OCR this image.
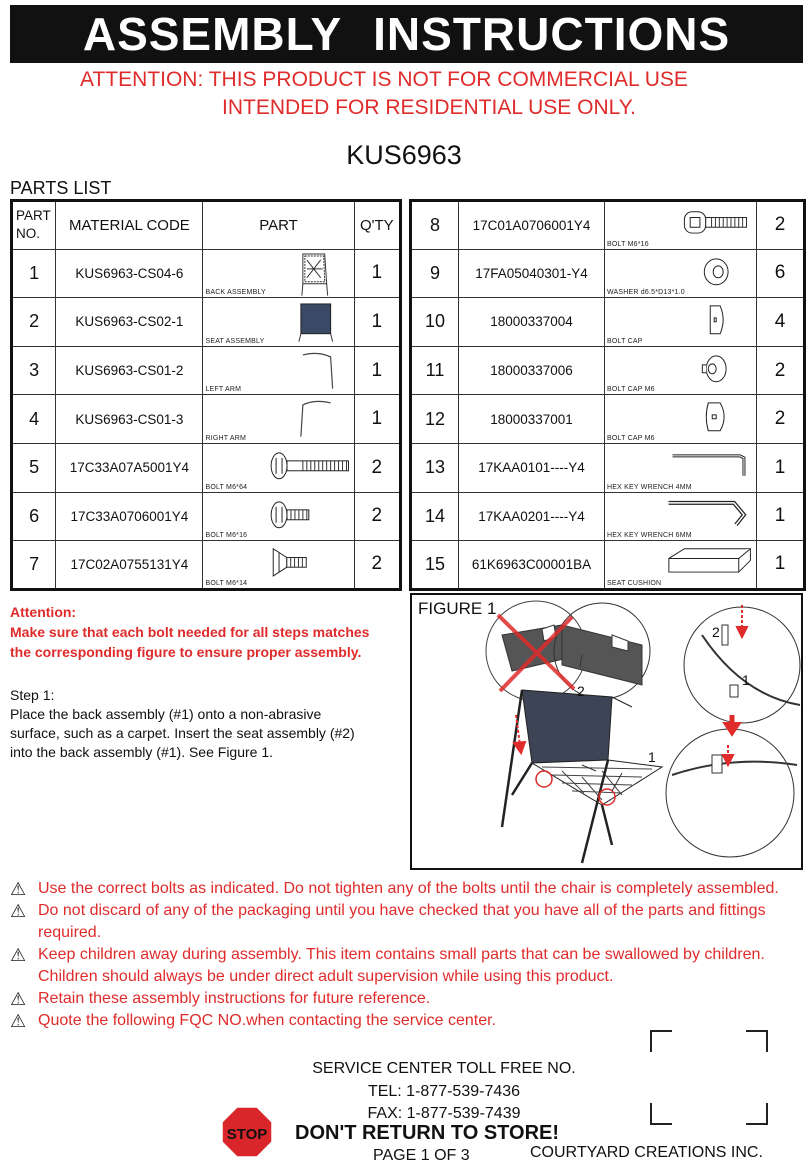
ASSEMBLY INSTRUCTIONS
ATTENTION: THIS PRODUCT IS NOT FOR COMMERCIAL USE
INTENDED FOR RESIDENTIAL USE ONLY.
KUS6963
PARTS LIST
PART NO.	MATERIAL CODE	PART	Q'TY
1	KUS6963-CS04-6	BACK ASSEMBLY	1
2	KUS6963-CS02-1	SEAT ASSEMBLY	1
3	KUS6963-CS01-2	LEFT ARM	1
4	KUS6963-CS01-3	RIGHT ARM	1
5	17C33A07A5001Y4	BOLT M6*64	2
6	17C33A0706001Y4	BOLT M6*16	2
7	17C02A0755131Y4	BOLT M6*14	2
8	17C01A0706001Y4	BOLT M6*16	2
9	17FA05040301-Y4	WASHER d6.5*D13*1.0	6
10	18000337004	BOLT CAP	4
11	18000337006	BOLT CAP M6	2
12	18000337001	BOLT CAP M6	2
13	17KAA0101----Y4	HEX KEY WRENCH 4MM	1
14	17KAA0201----Y4	HEX KEY WRENCH 6MM	1
15	61K6963C00001BA	SEAT CUSHION	1
Attention:
Make sure that each bolt needed for all steps matches
the corresponding figure to ensure proper assembly.
Step 1:
Place the back assembly (#1) onto a non-abrasive
surface, such as a carpet. Insert the seat assembly (#2)
into the back assembly (#1). See Figure 1.
FIGURE 1
2
1
2
1
⚠ Use the correct bolts as indicated. Do not tighten any of the bolts until the chair is completely assembled.
⚠ Do not discard of any of the packaging until you have checked that you have all of the parts and fittings required.
⚠ Keep children away during assembly. This item contains small parts that can be swallowed by children. Children should always be under direct adult supervision while using this product.
⚠ Retain these assembly instructions for future reference.
⚠ Quote the following FQC NO.when contacting the service center.
SERVICE CENTER TOLL FREE NO.
TEL: 1-877-539-7436
FAX: 1-877-539-7439
STOP DON'T RETURN TO STORE!
PAGE 1 OF 3	COURTYARD CREATIONS INC.
